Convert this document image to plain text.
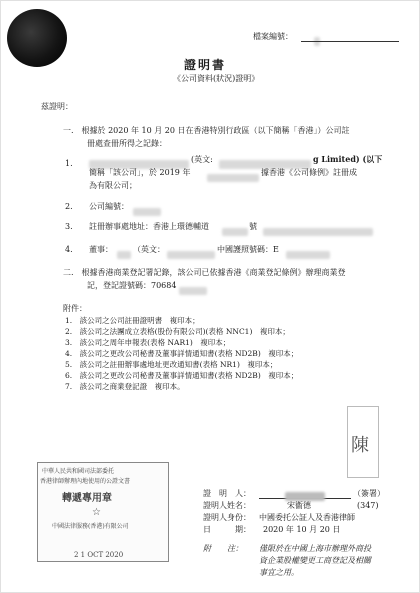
檔案編號：
證明書
《公司資料(狀況)證明》
茲證明：
一.　根據於 2020 年 10 月 20 日在香港特別行政區（以下簡稱「香港」）公司註
冊處查冊所得之記錄：
1.	(英文:	g Limited) (以下
簡稱「該公司」，於 2019 年	據香港《公司條例》註冊成
為有限公司；
2. 公司編號：
3. 註冊辦事處地址：香港上環德輔道	號
4. 董事：	（英文：	中國護照號碼：E
二.　根據香港商業登記署記錄，該公司已依據香港《商業登記條例》辦理商業登
記，登記證號碼：70684
附件：
1.　該公司之公司註冊證明書　複印本；
2.　該公司之法團成立表格(股份有限公司)(表格 NNC1)　複印本；
3.　該公司之周年申報表(表格 NAR1)　複印本；
4.　該公司之更改公司秘書及董事詳情通知書(表格 ND2B)　複印本；
5.　該公司之註冊辦事處地址更改通知書(表格 NR1)　複印本；
6.　該公司之更改公司秘書及董事詳情通知書(表格 ND2B)　複印本；
7.　該公司之商業登記證　複印本。
陳
中華人民共和國司法部委托
香港律師辦理內地使用的公證文書
轉遞專用章
☆
中國法律服務(香港)有限公司
2 1 OCT 2020
證　明　人：	（簽署）
證明人姓名：	宋衞德	(347)
證明人身份： 中國委托公証人及香港律師
日　　　期： 2020 年 10 月 20 日
附　　注： 僅限於在中國上海市辦理外商投
資企業股權變更工商登記及相關
事宜之用。
